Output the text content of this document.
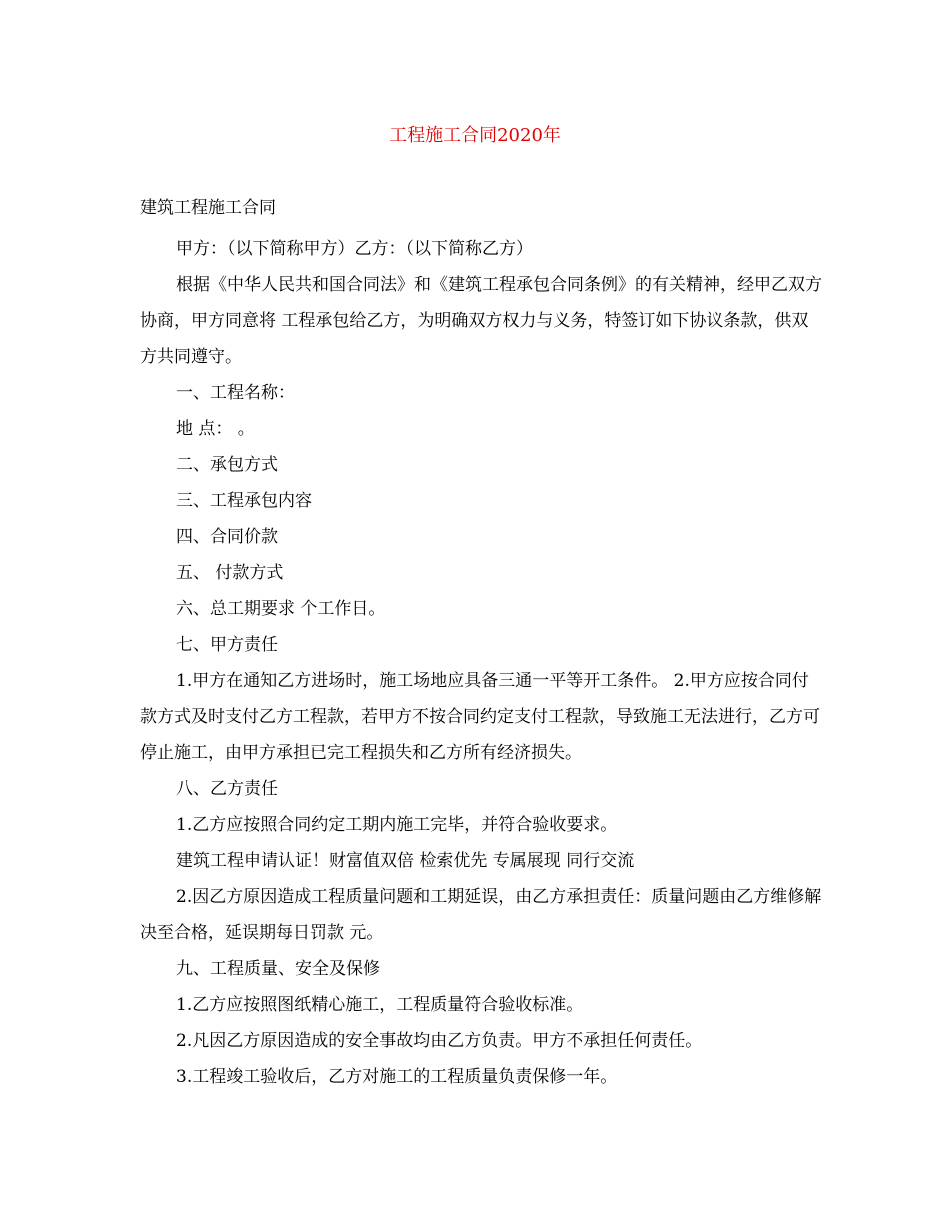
工程施工合同2020年
建筑工程施工合同

甲方：（以下简称甲方）乙方：（以下简称乙方）

根据《中华人民共和国合同法》和《建筑工程承包合同条例》的有关精神，经甲乙双方协商，甲方同意将 工程承包给乙方，为明确双方权力与义务，特签订如下协议条款，供双方共同遵守。

一、工程名称：

地 点： 。

二、承包方式

三、工程承包内容

四、合同价款

五、 付款方式

六、总工期要求 个工作日。

七、甲方责任

1.甲方在通知乙方进场时，施工场地应具备三通一平等开工条件。 2.甲方应按合同付款方式及时支付乙方工程款，若甲方不按合同约定支付工程款，导致施工无法进行，乙方可停止施工，由甲方承担已完工程损失和乙方所有经济损失。

八、乙方责任

1.乙方应按照合同约定工期内施工完毕，并符合验收要求。

建筑工程申请认证！财富值双倍 检索优先 专属展现 同行交流

2.因乙方原因造成工程质量问题和工期延误，由乙方承担责任：质量问题由乙方维修解决至合格，延误期每日罚款 元。

九、工程质量、安全及保修

1.乙方应按照图纸精心施工，工程质量符合验收标准。

2.凡因乙方原因造成的安全事故均由乙方负责。甲方不承担任何责任。

3.工程竣工验收后，乙方对施工的工程质量负责保修一年。
